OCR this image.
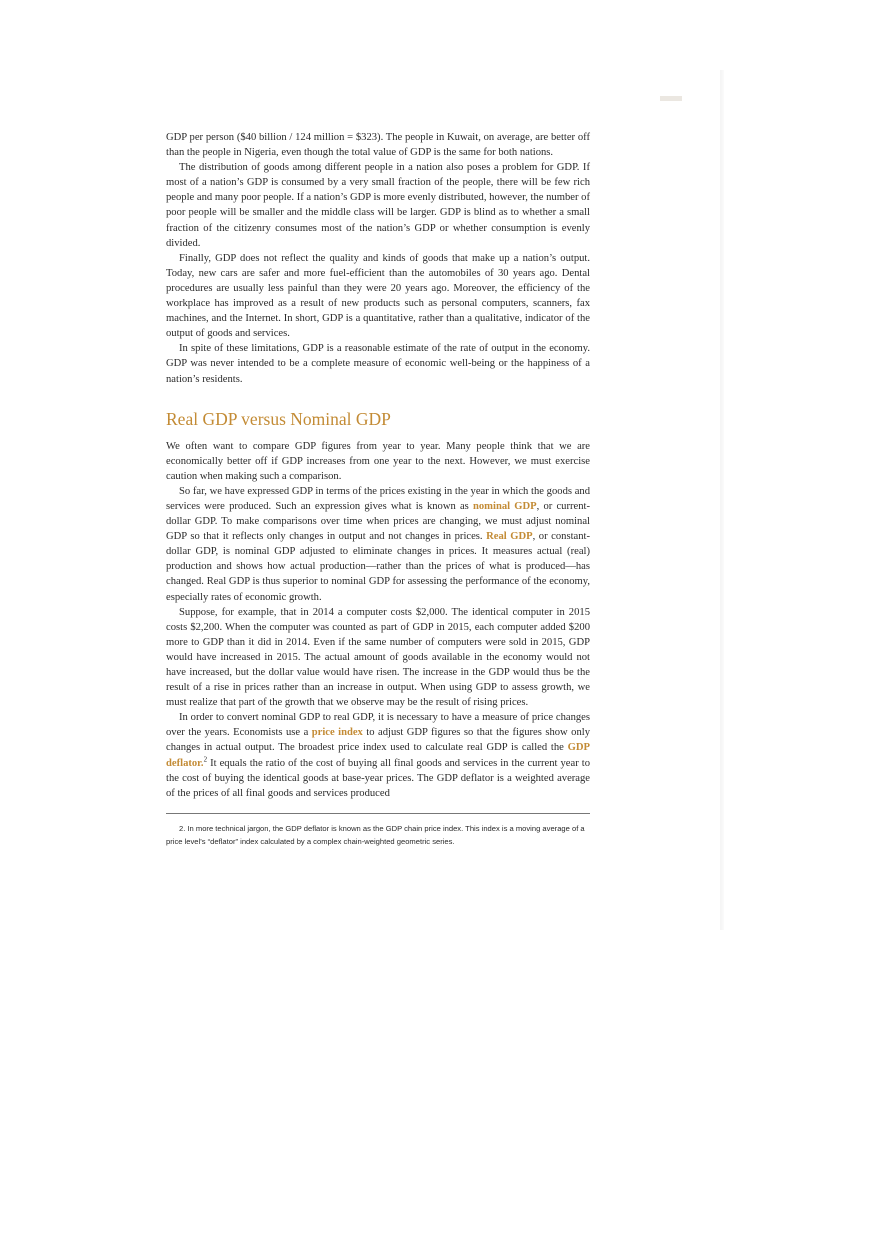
GDP per person ($40 billion / 124 million = $323). The people in Kuwait, on average, are better off than the people in Nigeria, even though the total value of GDP is the same for both nations.

The distribution of goods among different people in a nation also poses a problem for GDP. If most of a nation’s GDP is consumed by a very small fraction of the people, there will be few rich people and many poor people. If a nation’s GDP is more evenly distributed, however, the number of poor people will be smaller and the middle class will be larger. GDP is blind as to whether a small fraction of the citizenry consumes most of the nation’s GDP or whether consumption is evenly divided.

Finally, GDP does not reflect the quality and kinds of goods that make up a nation’s output. Today, new cars are safer and more fuel-efficient than the automobiles of 30 years ago. Dental procedures are usually less painful than they were 20 years ago. Moreover, the efficiency of the workplace has improved as a result of new products such as personal computers, scanners, fax machines, and the Internet. In short, GDP is a quantitative, rather than a qualitative, indicator of the output of goods and services.

In spite of these limitations, GDP is a reasonable estimate of the rate of output in the economy. GDP was never intended to be a complete measure of economic well-being or the happiness of a nation’s residents.

Real GDP versus Nominal GDP

We often want to compare GDP figures from year to year. Many people think that we are economically better off if GDP increases from one year to the next. However, we must exercise caution when making such a comparison.

So far, we have expressed GDP in terms of the prices existing in the year in which the goods and services were produced. Such an expression gives what is known as nominal GDP, or current-dollar GDP. To make comparisons over time when prices are changing, we must adjust nominal GDP so that it reflects only changes in output and not changes in prices. Real GDP, or constant-dollar GDP, is nominal GDP adjusted to eliminate changes in prices. It measures actual (real) production and shows how actual production—rather than the prices of what is produced—has changed. Real GDP is thus superior to nominal GDP for assessing the performance of the economy, especially rates of economic growth.

Suppose, for example, that in 2014 a computer costs $2,000. The identical computer in 2015 costs $2,200. When the computer was counted as part of GDP in 2015, each computer added $200 more to GDP than it did in 2014. Even if the same number of computers were sold in 2015, GDP would have increased in 2015. The actual amount of goods available in the economy would not have increased, but the dollar value would have risen. The increase in the GDP would thus be the result of a rise in prices rather than an increase in output. When using GDP to assess growth, we must realize that part of the growth that we observe may be the result of rising prices.

In order to convert nominal GDP to real GDP, it is necessary to have a measure of price changes over the years. Economists use a price index to adjust GDP figures so that the figures show only changes in actual output. The broadest price index used to calculate real GDP is called the GDP deflator.$^2$ It equals the ratio of the cost of buying all final goods and services in the current year to the cost of buying the identical goods at base-year prices. The GDP deflator is a weighted average of the prices of all final goods and services produced

2. In more technical jargon, the GDP deflator is known as the GDP chain price index. This index is a moving average of a price level’s “deflator” index calculated by a complex chain-weighted geometric series.
